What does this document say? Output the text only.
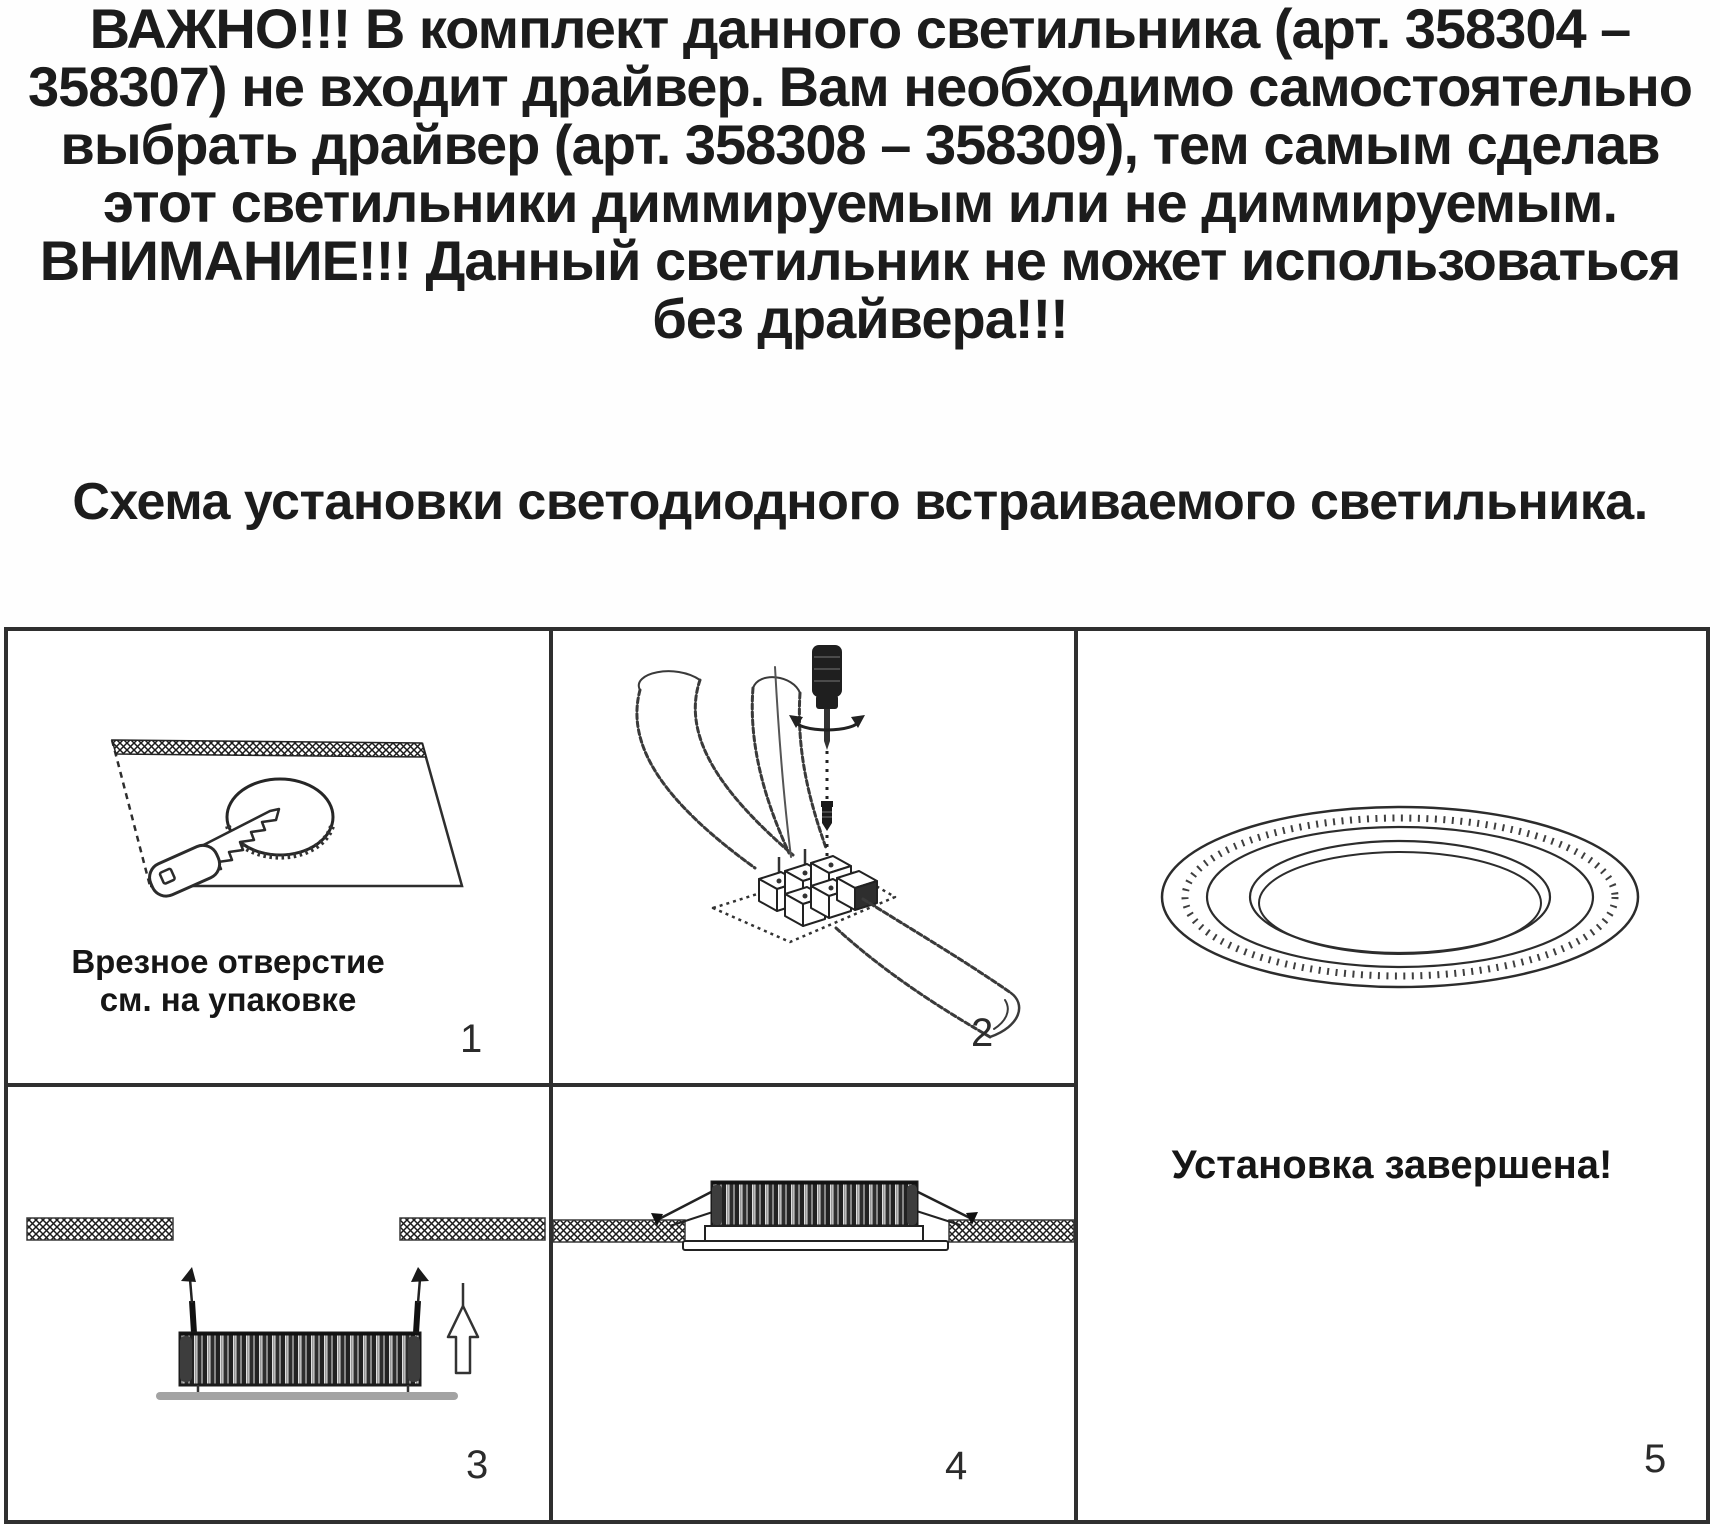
ВАЖНО!!! В комплект данного светильника (арт. 358304 –
358307) не входит драйвер. Вам необходимо самостоятельно
выбрать драйвер (арт. 358308 – 358309), тем самым сделав
этот светильники диммируемым или не диммируемым.
ВНИМАНИЕ!!! Данный светильник не может использоваться
без драйвера!!!
Схема установки светодиодного встраиваемого светильника.
Врезное отверстие
см. на упаковке
1	2
3	4
Установка завершена!
5
